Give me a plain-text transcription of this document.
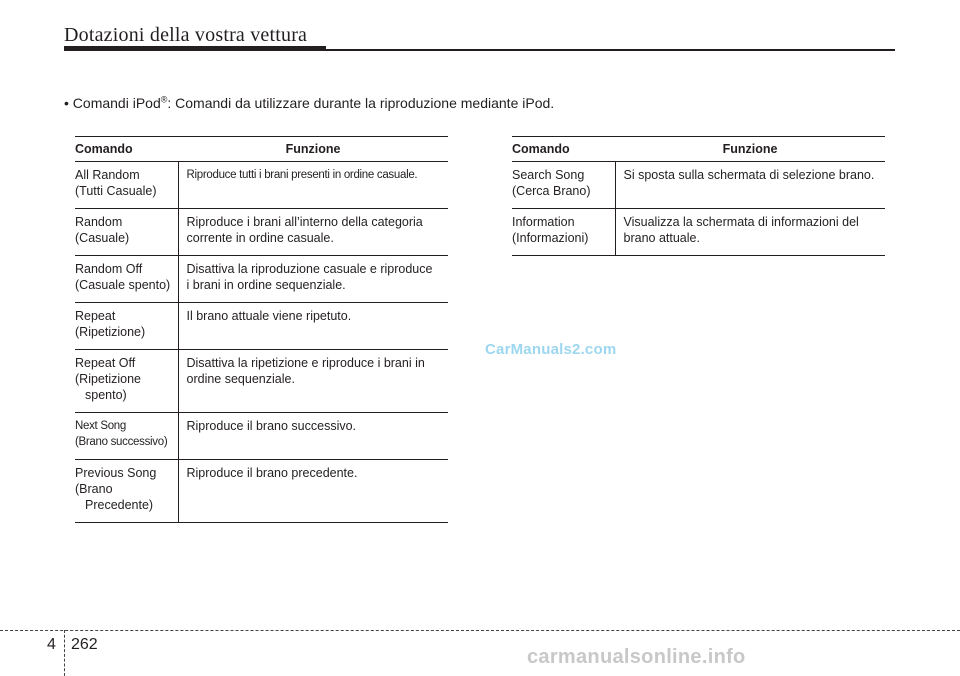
Dotazioni della vostra vettura
• Comandi iPod®: Comandi da utilizzare durante la riproduzione mediante iPod.
Comando	Funzione

All Random
(Tutti Casuale)	Riproduce tutti i brani presenti in ordine casuale.

Random
(Casuale)	Riproduce i brani all’interno della categoria
corrente in ordine casuale.

Random Off
(Casuale spento)	Disattiva la riproduzione casuale e riproduce
i brani in ordine sequenziale.

Repeat
(Ripetizione)	Il brano attuale viene ripetuto.

Repeat Off
(Ripetizione
spento)	Disattiva la ripetizione e riproduce i brani in
ordine sequenziale.

Next Song
(Brano successivo)	Riproduce il brano successivo.

Previous Song
(Brano
Precedente)	Riproduce il brano precedente.
Comando	Funzione

Search Song
(Cerca Brano)	Si sposta sulla schermata di selezione brano.

Information
(Informazioni)	Visualizza la schermata di informazioni del
brano attuale.
CarManuals2.com
4 262
carmanualsonline.info
